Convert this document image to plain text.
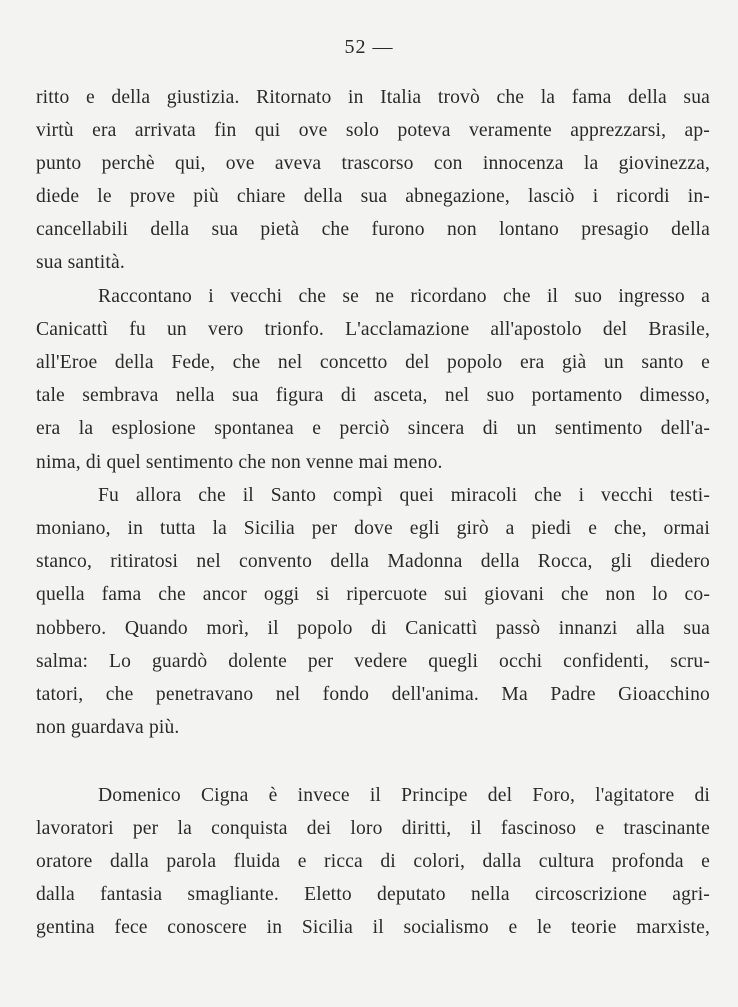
52 —
ritto e della giustizia. Ritornato in Italia trovò che la fama della sua
virtù era arrivata fin qui ove solo poteva veramente apprezzarsi, ap-
punto perchè qui, ove aveva trascorso con innocenza la giovinezza,
diede le prove più chiare della sua abnegazione, lasciò i ricordi in-
cancellabili della sua pietà che furono non lontano presagio della
sua santità.
Raccontano i vecchi che se ne ricordano che il suo ingresso a
Canicattì fu un vero trionfo. L'acclamazione all'apostolo del Brasile,
all'Eroe della Fede, che nel concetto del popolo era già un santo e
tale sembrava nella sua figura di asceta, nel suo portamento dimesso,
era la esplosione spontanea e perciò sincera di un sentimento dell'a-
nima, di quel sentimento che non venne mai meno.
Fu allora che il Santo compì quei miracoli che i vecchi testi-
moniano, in tutta la Sicilia per dove egli girò a piedi e che, ormai
stanco, ritiratosi nel convento della Madonna della Rocca, gli diedero
quella fama che ancor oggi si ripercuote sui giovani che non lo co-
nobbero. Quando morì, il popolo di Canicattì passò innanzi alla sua
salma: Lo guardò dolente per vedere quegli occhi confidenti, scru-
tatori, che penetravano nel fondo dell'anima. Ma Padre Gioacchino
non guardava più.
Domenico Cigna è invece il Principe del Foro, l'agitatore di
lavoratori per la conquista dei loro diritti, il fascinoso e trascinante
oratore dalla parola fluida e ricca di colori, dalla cultura profonda e
dalla fantasia smagliante. Eletto deputato nella circoscrizione agri-
gentina fece conoscere in Sicilia il socialismo e le teorie marxiste,
